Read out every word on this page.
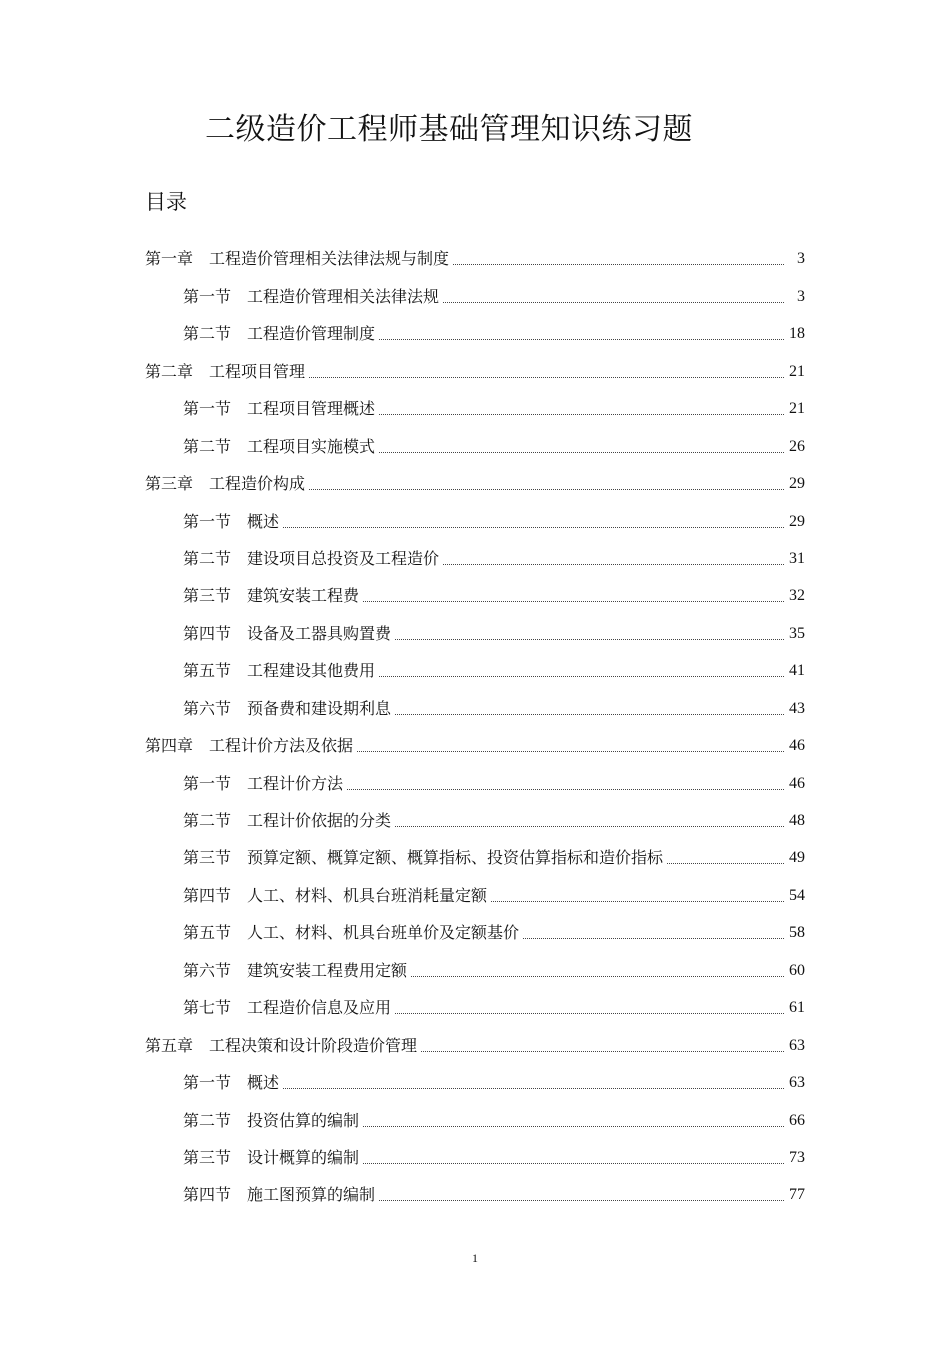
二级造价工程师基础管理知识练习题
目录
第一章 工程造价管理相关法律法规与制度	3
第一节 工程造价管理相关法律法规	3
第二节 工程造价管理制度	18
第二章 工程项目管理	21
第一节 工程项目管理概述	21
第二节 工程项目实施模式	26
第三章 工程造价构成	29
第一节 概述	29
第二节 建设项目总投资及工程造价	31
第三节 建筑安装工程费	32
第四节 设备及工器具购置费	35
第五节 工程建设其他费用	41
第六节 预备费和建设期利息	43
第四章 工程计价方法及依据	46
第一节 工程计价方法	46
第二节 工程计价依据的分类	48
第三节 预算定额、概算定额、概算指标、投资估算指标和造价指标	49
第四节 人工、材料、机具台班消耗量定额	54
第五节 人工、材料、机具台班单价及定额基价	58
第六节 建筑安装工程费用定额	60
第七节 工程造价信息及应用	61
第五章 工程决策和设计阶段造价管理	63
第一节 概述	63
第二节 投资估算的编制	66
第三节 设计概算的编制	73
第四节 施工图预算的编制	77
1
